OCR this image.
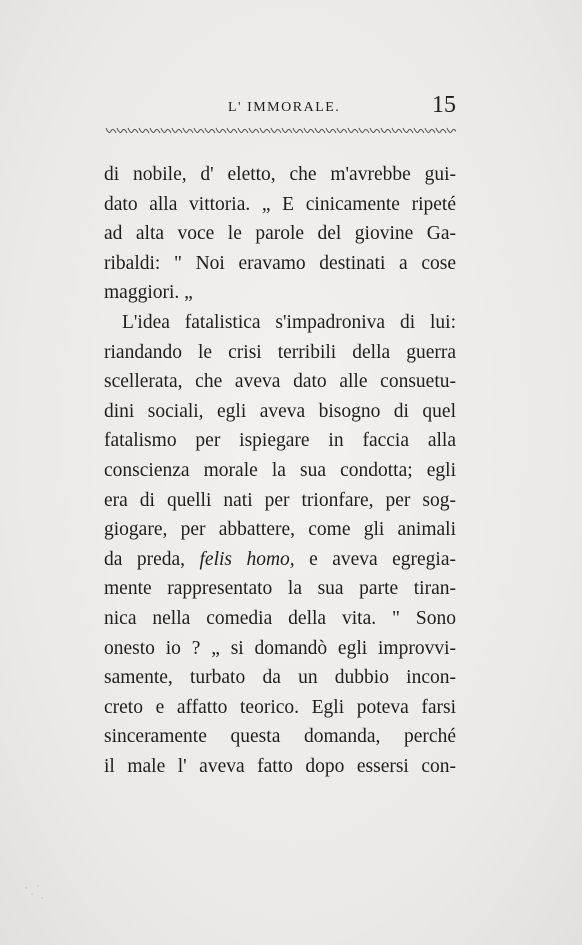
L' IMMORALE.	15
di nobile, d' eletto, che m'avrebbe gui-
dato alla vittoria. „ E cinicamente ripeté
ad alta voce le parole del giovine Ga-
ribaldi: " Noi eravamo destinati a cose
maggiori. „
L'idea fatalistica s'impadroniva di lui:
riandando le crisi terribili della guerra
scellerata, che aveva dato alle consuetu-
dini sociali, egli aveva bisogno di quel
fatalismo per ispiegare in faccia alla
conscienza morale la sua condotta; egli
era di quelli nati per trionfare, per sog-
giogare, per abbattere, come gli animali
da preda, felis homo, e aveva egregia-
mente rappresentato la sua parte tiran-
nica nella comedia della vita. " Sono
onesto io ? „ si domandò egli improvvi-
samente, turbato da un dubbio incon-
creto e affatto teorico. Egli poteva farsi
sinceramente questa domanda, perché
il male l' aveva fatto dopo essersi con-
